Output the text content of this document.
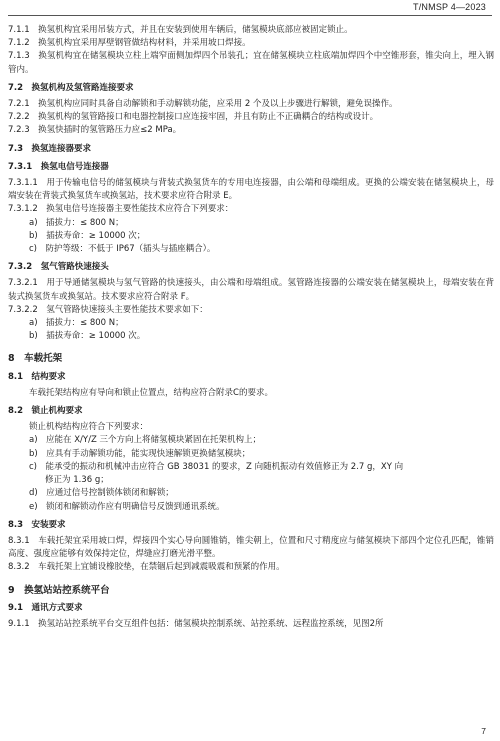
T/NMSP 4—2023

7.1.1　换氢机构宜采用吊装方式，并且在安装到使用车辆后，储氢模块底部应被固定锁止。

7.1.2　换氢机构宜采用厚壁钢管做结构材料，并采用坡口焊接。

7.1.3　换氢机构宜在储氢模块立柱上端窄面侧加焊四个吊装孔；宜在储氢模块立柱底端加焊四个中空锥形套，锥尖向上，埋入钢管内。

7.2　换氢机构及氢管路连接要求

7.2.1　换氢机构应同时具备自动解锁和手动解锁功能，应采用 2 个及以上步骤进行解锁，避免误操作。

7.2.2　换氢机构的氢管路接口和电器控制接口应连接牢固，并且有防止不正确耦合的结构或设计。

7.2.3　换氢快插时的氢管路压力应≤2 MPa。

7.3　换氢连接器要求

7.3.1　换氢电信号连接器

7.3.1.1　用于传输电信号的储氢模块与背装式换氢货车的专用电连接器，由公端和母端组成。更换的公端安装在储氢模块上，母端安装在背装式换氢货车或换氢站，技术要求应符合附录 E。

7.3.1.2　换氢电信号连接器主要性能技术应符合下列要求：

a)　插拔力：≤ 800 N；

b)　插拔寿命：≥ 10000 次；

c)　防护等级：不低于 IP67（插头与插座耦合）。

7.3.2　氢气管路快速接头

7.3.2.1　用于导通储氢模块与氢气管路的快速接头，由公端和母端组成。氢管路连接器的公端安装在储氢模块上，母端安装在背装式换氢货车或换氢站。技术要求应符合附录 F。

7.3.2.2　氢气管路快速接头主要性能技术要求如下：

a)　插拔力：≤ 800 N；

b)　插拔寿命：≥ 10000 次。

8　车载托架

8.1　结构要求

车载托架结构应有导向和锁止位置点，结构应符合附录C的要求。

8.2　锁止机构要求

锁止机构结构应符合下列要求：

a)　应能在 X/Y/Z 三个方向上将储氢模块紧固在托架机构上；

b)　应具有手动解锁功能，能实现快速解锁更换储氢模块；

c)　能承受的振动和机械冲击应符合 GB 38031 的要求，Z 向随机振动有效值修正为 2.7 g，XY 向

修正为 1.36 g；

d)　应通过信号控制锁体锁闭和解锁；

e)　锁闭和解锁动作应有明确信号反馈到通讯系统。

8.3　安装要求

8.3.1　车载托架宜采用坡口焊，焊接四个实心导向圆锥销，锥尖朝上，位置和尺寸精度应与储氢模块下部四个定位孔匹配，锥销高度、强度应能够有效保持定位，焊缝应打磨光滑平整。

8.3.2　车载托架上宜铺设橡胶垫，在禁锢后起到减震吸震和预紧的作用。

9　换氢站站控系统平台

9.1　通讯方式要求

9.1.1　换氢站站控系统平台交互组件包括：储氢模块控制系统、站控系统、远程监控系统，见图2所

7
